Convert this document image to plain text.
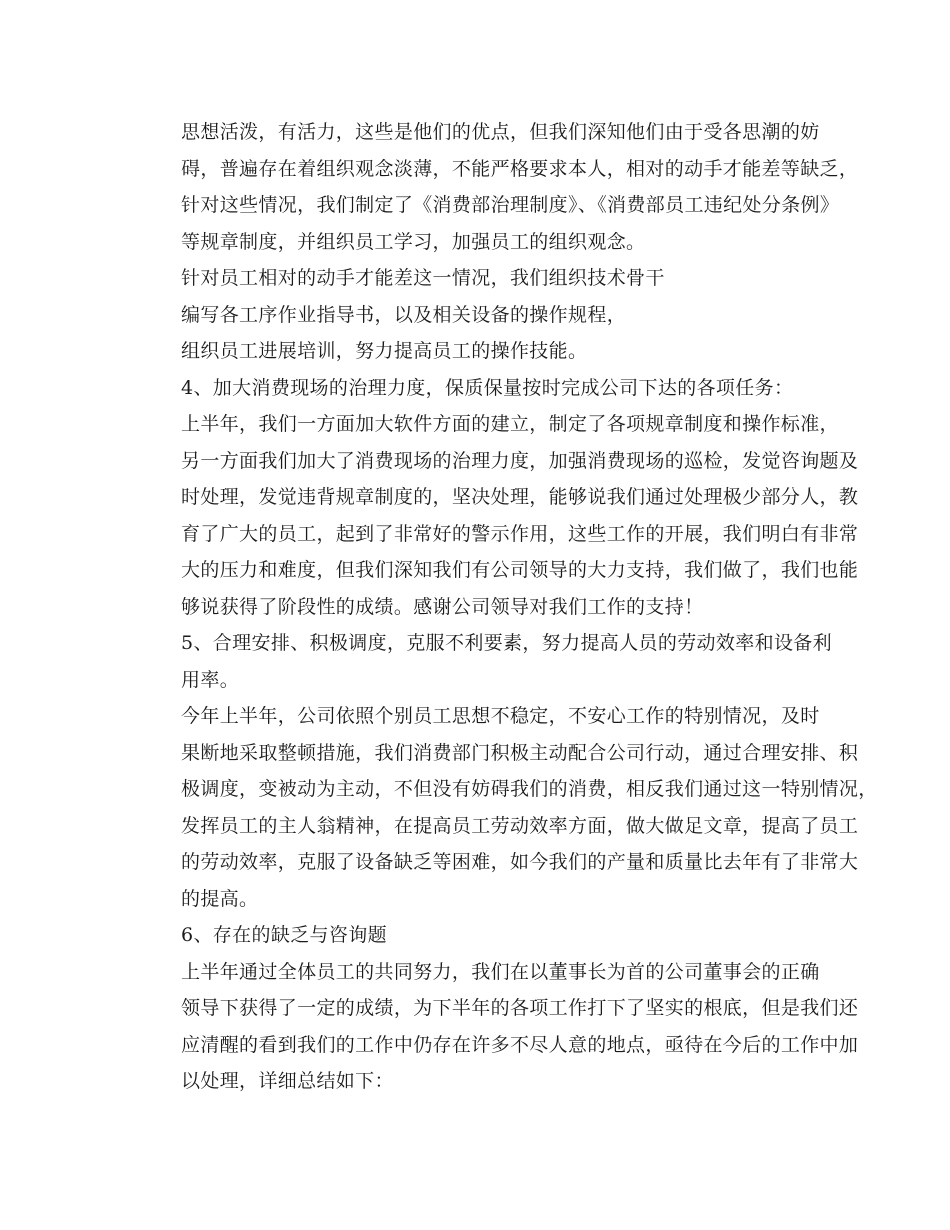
思想活泼，有活力，这些是他们的优点，但我们深知他们由于受各思潮的妨
碍，普遍存在着组织观念淡薄，不能严格要求本人，相对的动手才能差等缺乏，
针对这些情况，我们制定了《消费部治理制度》、《消费部员工违纪处分条例》
等规章制度，并组织员工学习，加强员工的组织观念。
针对员工相对的动手才能差这一情况，我们组织技术骨干
编写各工序作业指导书，以及相关设备的操作规程，
组织员工进展培训，努力提高员工的操作技能。
4、加大消费现场的治理力度，保质保量按时完成公司下达的各项任务：
上半年，我们一方面加大软件方面的建立，制定了各项规章制度和操作标准，
另一方面我们加大了消费现场的治理力度，加强消费现场的巡检，发觉咨询题及
时处理，发觉违背规章制度的，坚决处理，能够说我们通过处理极少部分人，教
育了广大的员工，起到了非常好的警示作用，这些工作的开展，我们明白有非常
大的压力和难度，但我们深知我们有公司领导的大力支持，我们做了，我们也能
够说获得了阶段性的成绩。感谢公司领导对我们工作的支持！
5、合理安排、积极调度，克服不利要素，努力提高人员的劳动效率和设备利
用率。
今年上半年，公司依照个别员工思想不稳定，不安心工作的特别情况，及时
果断地采取整顿措施，我们消费部门积极主动配合公司行动，通过合理安排、积
极调度，变被动为主动，不但没有妨碍我们的消费，相反我们通过这一特别情况，
发挥员工的主人翁精神，在提高员工劳动效率方面，做大做足文章，提高了员工
的劳动效率，克服了设备缺乏等困难，如今我们的产量和质量比去年有了非常大
的提高。
6、存在的缺乏与咨询题
上半年通过全体员工的共同努力，我们在以董事长为首的公司董事会的正确
领导下获得了一定的成绩，为下半年的各项工作打下了坚实的根底，但是我们还
应清醒的看到我们的工作中仍存在许多不尽人意的地点，亟待在今后的工作中加
以处理，详细总结如下：
